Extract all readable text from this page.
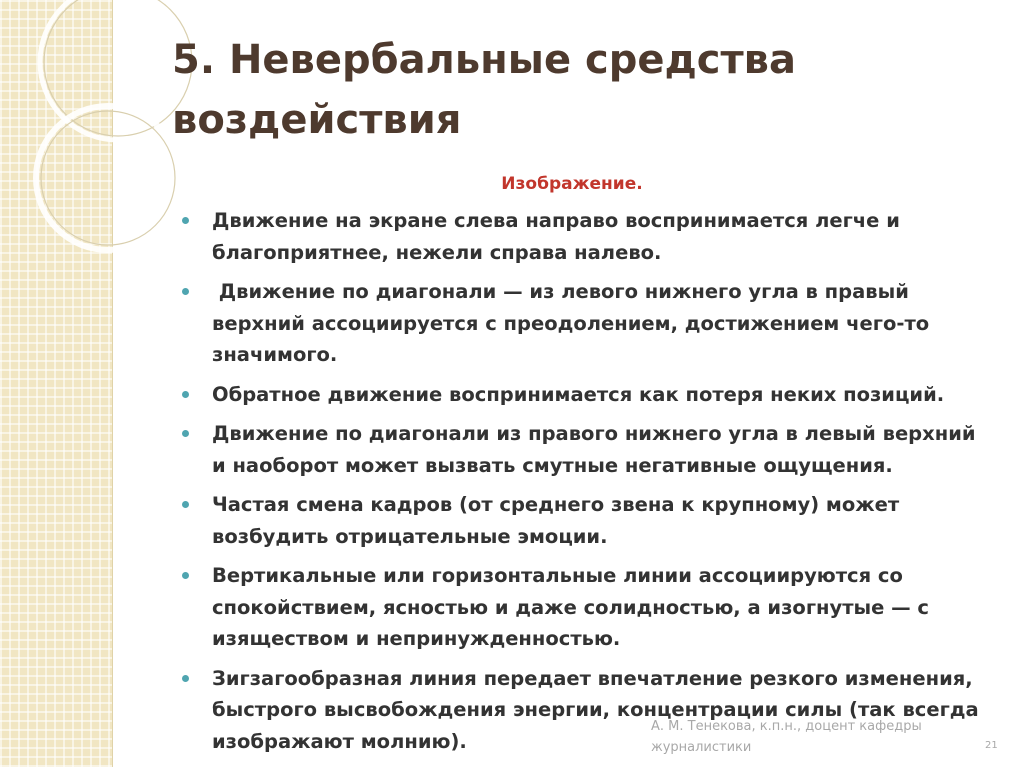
5. Невербальные средства
воздействия
Изображение.
Движение на экране слева направо воспринимается легче и
благоприятнее, нежели справа налево.
Движение по диагонали — из левого нижнего угла в правый
верхний ассоциируется с преодолением, достижением чего-то
значимого.
Обратное движение воспринимается как потеря неких позиций.
Движение по диагонали из правого нижнего угла в левый верхний
и наоборот может вызвать смутные негативные ощущения.
Частая смена кадров (от среднего звена к крупному) может
возбудить отрицательные эмоции.
Вертикальные или горизонтальные линии ассоциируются со
спокойствием, ясностью и даже солидностью, а изогнутые — с
изяществом и непринужденностью.
Зигзагообразная линия передает впечатление резкого изменения,
быстрого высвобождения энергии, концентрации силы (так всегда
изображают молнию).
А. М. Тенекова, к.п.н., доцент кафедры
журналистики	21
